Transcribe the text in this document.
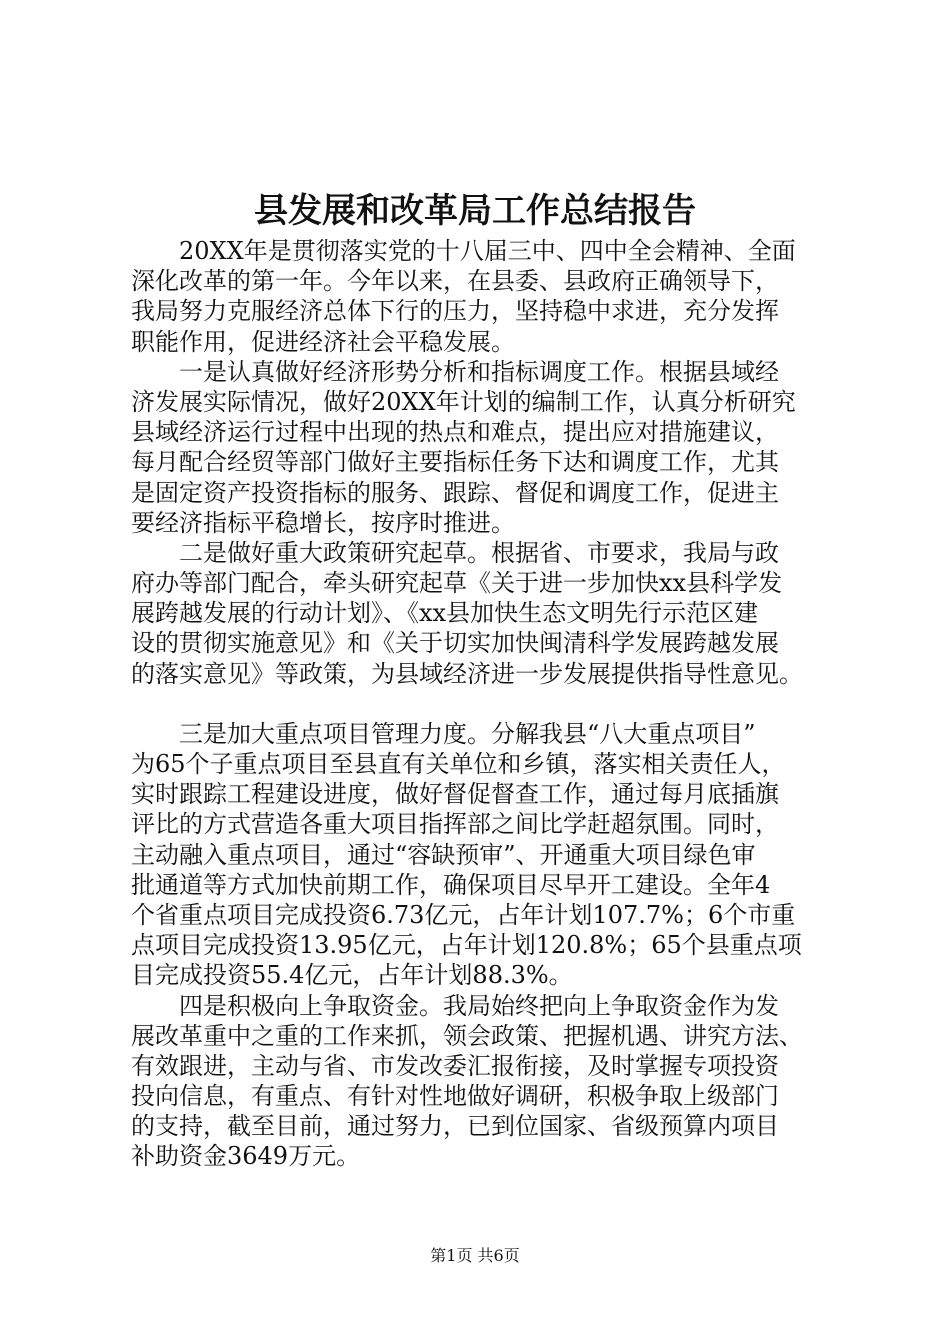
县发展和改革局工作总结报告
20XX年是贯彻落实党的十八届三中、四中全会精神、全面
深化改革的第一年。今年以来，在县委、县政府正确领导下，
我局努力克服经济总体下行的压力，坚持稳中求进，充分发挥
职能作用，促进经济社会平稳发展。
一是认真做好经济形势分析和指标调度工作。根据县域经
济发展实际情况，做好20XX年计划的编制工作，认真分析研究
县域经济运行过程中出现的热点和难点，提出应对措施建议，
每月配合经贸等部门做好主要指标任务下达和调度工作，尤其
是固定资产投资指标的服务、跟踪、督促和调度工作，促进主
要经济指标平稳增长，按序时推进。
二是做好重大政策研究起草。根据省、市要求，我局与政
府办等部门配合，牵头研究起草《关于进一步加快xx县科学发
展跨越发展的行动计划》、《xx县加快生态文明先行示范区建
设的贯彻实施意见》和《关于切实加快闽清科学发展跨越发展
的落实意见》等政策，为县域经济进一步发展提供指导性意见。
三是加大重点项目管理力度。分解我县“八大重点项目”
为65个子重点项目至县直有关单位和乡镇，落实相关责任人，
实时跟踪工程建设进度，做好督促督查工作，通过每月底插旗
评比的方式营造各重大项目指挥部之间比学赶超氛围。同时，
主动融入重点项目，通过“容缺预审”、开通重大项目绿色审
批通道等方式加快前期工作，确保项目尽早开工建设。全年4
个省重点项目完成投资6.73亿元，占年计划107.7%；6个市重
点项目完成投资13.95亿元，占年计划120.8%；65个县重点项
目完成投资55.4亿元，占年计划88.3%。
四是积极向上争取资金。我局始终把向上争取资金作为发
展改革重中之重的工作来抓，领会政策、把握机遇、讲究方法、
有效跟进，主动与省、市发改委汇报衔接，及时掌握专项投资
投向信息，有重点、有针对性地做好调研，积极争取上级部门
的支持，截至目前，通过努力，已到位国家、省级预算内项目
补助资金3649万元。
第1页 共6页
